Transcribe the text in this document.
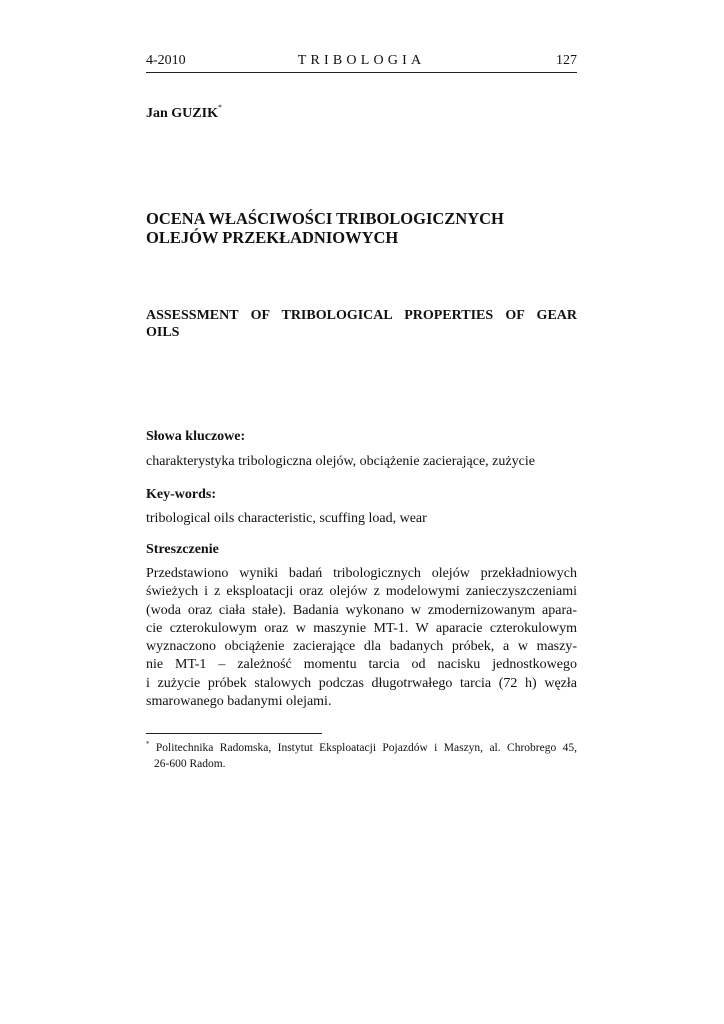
4-2010	TRIBOLOGIA	127
Jan GUZIK*
OCENA WŁAŚCIWOŚCI TRIBOLOGICZNYCH
OLEJÓW PRZEKŁADNIOWYCH
ASSESSMENT OF TRIBOLOGICAL PROPERTIES OF GEAR
OILS
Słowa kluczowe:
charakterystyka tribologiczna olejów, obciążenie zacierające, zużycie
Key-words:
tribological oils characteristic, scuffing load, wear
Streszczenie
Przedstawiono wyniki badań tribologicznych olejów przekładniowych
świeżych i z eksploatacji oraz olejów z modelowymi zanieczyszczeniami
(woda oraz ciała stałe). Badania wykonano w zmodernizowanym apara-
cie czterokulowym oraz w maszynie MT-1. W aparacie czterokulowym
wyznaczono obciążenie zacierające dla badanych próbek, a w maszy-
nie MT-1 – zależność momentu tarcia od nacisku jednostkowego
i zużycie próbek stalowych podczas długotrwałego tarcia (72 h) węzła
smarowanego badanymi olejami.
* Politechnika Radomska, Instytut Eksploatacji Pojazdów i Maszyn, al. Chrobrego 45,
26-600 Radom.
